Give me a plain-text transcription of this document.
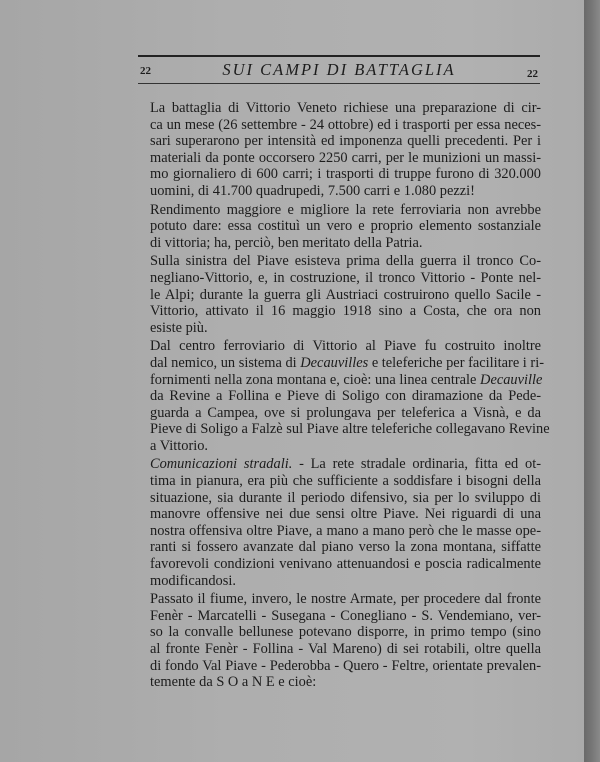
22	SUI CAMPI DI BATTAGLIA	22

La battaglia di Vittorio Veneto richiese una preparazione di cir-
ca un mese (26 settembre - 24 ottobre) ed i trasporti per essa neces-
sari superarono per intensità ed imponenza quelli precedenti. Per i
materiali da ponte occorsero 2250 carri, per le munizioni un massi-
mo giornaliero di 600 carri; i trasporti di truppe furono di 320.000
uomini, di 41.700 quadrupedi, 7.500 carri e 1.080 pezzi!

Rendimento maggiore e migliore la rete ferroviaria non avrebbe
potuto dare: essa costituì un vero e proprio elemento sostanziale
di vittoria; ha, perciò, ben meritato della Patria.

Sulla sinistra del Piave esisteva prima della guerra il tronco Co-
negliano-Vittorio, e, in costruzione, il tronco Vittorio - Ponte nel-
le Alpi; durante la guerra gli Austriaci costruirono quello Sacile -
Vittorio, attivato il 16 maggio 1918 sino a Costa, che ora non
esiste più.

Dal centro ferroviario di Vittorio al Piave fu costruito inoltre
dal nemico, un sistema di Decauvilles e teleferiche per facilitare i ri-
fornimenti nella zona montana e, cioè: una linea centrale Decauville
da Revine a Follina e Pieve di Soligo con diramazione da Pede-
guarda a Campea, ove si prolungava per teleferica a Visnà, e da
Pieve di Soligo a Falzè sul Piave altre teleferiche collegavano Revine
a Vittorio.

Comunicazioni stradali. - La rete stradale ordinaria, fitta ed ot-
tima in pianura, era più che sufficiente a soddisfare i bisogni della
situazione, sia durante il periodo difensivo, sia per lo sviluppo di
manovre offensive nei due sensi oltre Piave. Nei riguardi di una
nostra offensiva oltre Piave, a mano a mano però che le masse ope-
ranti si fossero avanzate dal piano verso la zona montana, siffatte
favorevoli condizioni venivano attenuandosi e poscia radicalmente
modificandosi.

Passato il fiume, invero, le nostre Armate, per procedere dal fronte
Fenèr - Marcatelli - Susegana - Conegliano - S. Vendemiano, ver-
so la convalle bellunese potevano disporre, in primo tempo (sino
al fronte Fenèr - Follina - Val Mareno) di sei rotabili, oltre quella
di fondo Val Piave - Pederobba - Quero - Feltre, orientate prevalen-
temente da S O a N E e cioè:
